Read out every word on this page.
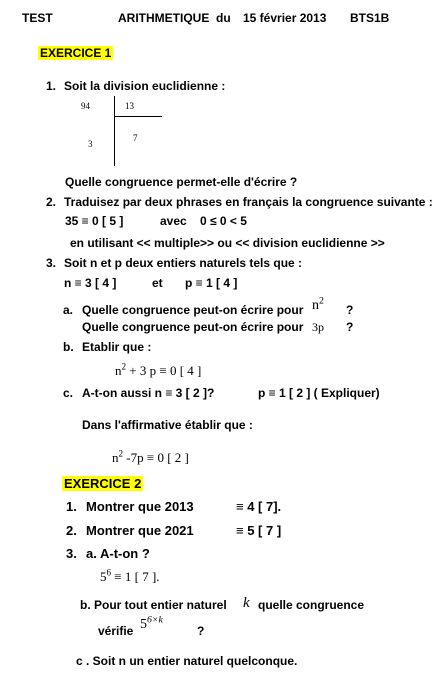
TEST	ARITHMETIQUE du 15 février 2013 BTS1B
EXERCICE 1
1. Soit la division euclidienne :
94	13
3
7
Quelle congruence permet-elle d'écrire ?
2. Traduisez par deux phrases en français la congruence suivante :
35 ≡ 0 [ 5 ]	avec 0 ≤ 0 < 5
en utilisant << multiple>> ou << division euclidienne >>
3. Soit n et p deux entiers naturels tels que :
n ≡ 3 [ 4 ]	et p ≡ 1 [ 4 ]
a. Quelle congruence peut-on écrire pour $n^2$
?
Quelle congruence peut-on écrire pour 3p ?
b. Etablir que :
$n^2 + 3$ p ≡ 0 [ 4 ]
c. A-t-on aussi n ≡ 3 [ 2 ]?	p ≡ 1 [ 2 ] ( Expliquer)
Dans l'affirmative établir que :
$n^2$ -7p ≡ 0 [ 2 ]
EXERCICE 2
1. Montrer que 2013	≡ 4 [ 7].
2. Montrer que 2021	≡ 5 [ 7 ]
3. a. A-t-on ?
$5^6 \equiv 1$ [ 7 ].
b. Pour tout entier naturel k quelle congruence
vérifie $5^{6\times k}$
?
c . Soit n un entier naturel quelconque.
